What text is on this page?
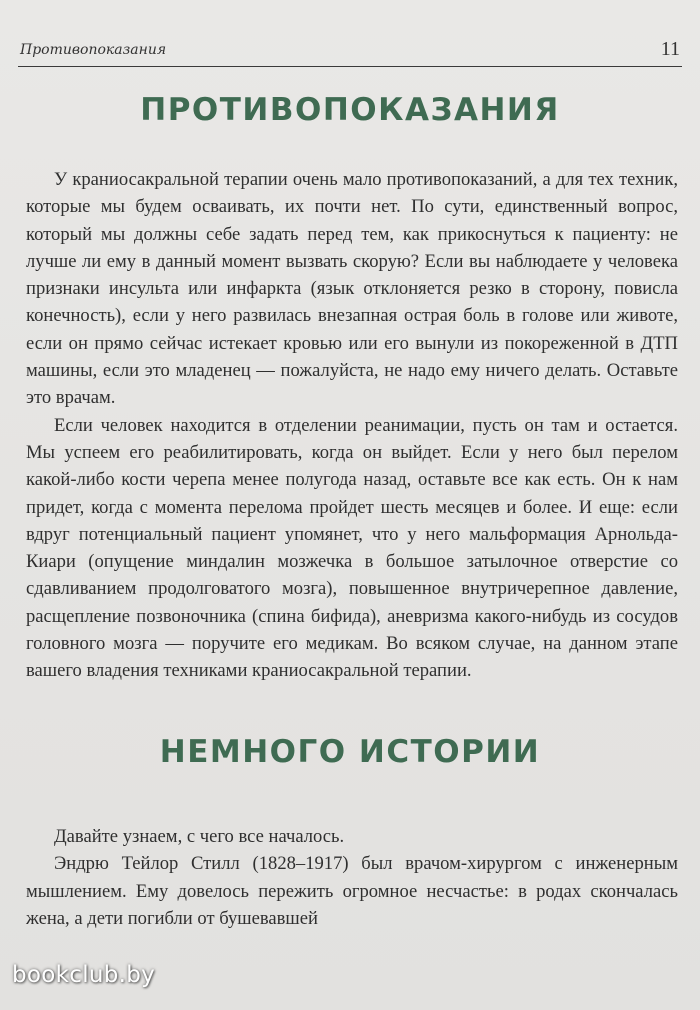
Противопоказания	11
ПРОТИВОПОКАЗАНИЯ

У краниосакральной терапии очень мало противопоказаний, а для тех техник, которые мы будем осваивать, их почти нет. По сути, единственный вопрос, который мы должны себе задать перед тем, как прикоснуться к пациенту: не лучше ли ему в данный момент вызвать скорую? Если вы наблюдаете у человека признаки инсульта или инфаркта (язык отклоняется резко в сторону, повисла конечность), если у него развилась внезапная острая боль в голове или животе, если он прямо сейчас истекает кровью или его вынули из покореженной в ДТП машины, если это младенец — пожалуйста, не надо ему ничего делать. Оставьте это врачам.

Если человек находится в отделении реанимации, пусть он там и остается. Мы успеем его реабилитировать, когда он выйдет. Если у него был перелом какой-либо кости черепа менее полугода назад, оставьте все как есть. Он к нам придет, когда с момента перелома пройдет шесть месяцев и более. И еще: если вдруг потенциальный пациент упомянет, что у него мальформация Арнольда-Киари (опущение миндалин мозжечка в большое затылочное отверстие со сдавливанием продолговатого мозга), повышенное внутричерепное давление, расщепление позвоночника (спина бифида), аневризма какого-нибудь из сосудов головного мозга — поручите его медикам. Во всяком случае, на данном этапе вашего владения техниками краниосакральной терапии.

НЕМНОГО ИСТОРИИ

Давайте узнаем, с чего все началось.

Эндрю Тейлор Стилл (1828–1917) был врачом-хирургом с инженерным мышлением. Ему довелось пережить огромное несчастье: в родах скончалась жена, а дети погибли от бушевавшей

bookclub.by
